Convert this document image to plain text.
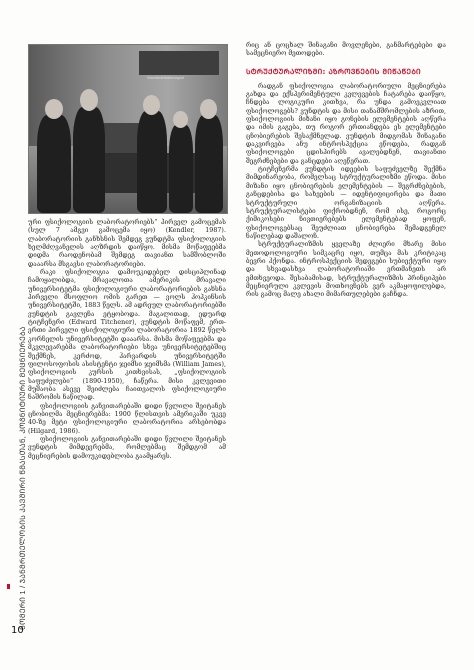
ᲜᲝᲛᲔᲠᲘ 1 / ᲯᲐᲜᲛᲠᲗᲔᲚᲝᲑᲘᲡ ᲙᲐᲕᲨᲘᲠᲘ ᲬᲛᲐᲡᲗᲐᲜ, ᲙᲝᲒᲜᲘᲢᲘᲣᲠᲘ ᲛᲔᲪᲜᲘᲔᲠᲔᲑᲐ
10
Wandtafelkartenspiel

ური ფსიქოლოგიის ლაბორატორიებს“ პირველ გამოცემას (სულ 7 ამგვი გამოცემა იყო) (Kendler, 1987). ლაბორატორიის განხსნის შემდეგ ვუნდტმა ფსიქოლოგიის ხელმძღვანელის აღზრდის დაიწყო. მისმა მოწაფეებმა დიდმა რაოდენობამ შემდეგ თავიანთ სამშობლოში დააარსა მსგავსი ლაბორატორიები.

რაკი ფსიქოლოგია დამოუკიდებელ დისციპლინად ჩამოყალიბდა, მრავალოთა ამერიკის მრავალი უნივერსიტეტმა ფსიქოლოგიური ლაბორატორიების გახსნა პირველი მსოფლიო ომის გარეთ — ვოლს ჰოპკინსის უნივერსიტეტში, 1883 წელს. ამ ადრეულ ლაბორატორიებში ვუნდტის გავლენა ეტყობოდა. მაგალითად, ედუარდ ტიტჩენერი (Edward Titchener), ვუნდტის მოწაფემ, ერთ-ერთი პირველი ფსიქოლოგიური ლაბორატორია 1892 წელს კორნელის უნივერსიტეტში დააარსა. მისმა მოწაფეებმა და მკვლევარებმა ლაბორატორიები სხვა უნივერსიტეტებშიც შექმნეს, კერძოდ, ჰარვარდის უნივერსიტეტში ფილოსოფოსის ასისტენტი ჯეიმსი ჯეიმსმა (William James), ფსიქოლოგიის კურსის კითხვისას, „ფსიქოლოგიის საფუძვლები“ (1890-1950), ჩაწერა. მისი კვლევითი მუშაობა ასევე შეიძლება ჩაითვალოს ფსიქოლოგიური ნაშრომის ნაწილად.

ფსიქოლოგიის განვითარებაში დიდი წვლილი შეიტანეს ცნობილმა მეცნიერებმა: 1900 წლისთვის ამერიკაში უკვე 40-ზე მეტი ფსიქოლოგიური ლაბორატორია არსებობდა (Hilgard, 1986).

ფსიქოლოგიის განვითარებაში დიდი წვლილი შეიტანეს ვუნდტის მიმდევრებმა, რომლებმაც შემდგომ ამ მეცნიერების დამოუკიდებლობა გაამყარეს.

რიც ან ცოცხალ შინაგანი მოვლენები, განმარტებები და სამეცნიერო მეთოდები.

ᲡᲢᲠᲣᲥᲢᲣᲠᲐᲚᲘᲖᲛᲘ: ᲐᲖᲠᲝᲕᲜᲔᲑᲘᲡ ᲛᲘᲬᲐᲬᲔᲑᲘ

რადგან ფსიქოლოგია ლაბორატორიული მეცნიერება გახდა და ექსპერიმენტული კვლევების ჩატარება დაიწყო, ჩნდება ლოგიკური კითხვა, რა უნდა გამოეკვლიათ ფსიქოლოგებს? ვუნდტის და მისი თანამშრომლების აზრით, ფსიქოლოგიის მიზანი იყო გონების ელემენტების აღწერა და იმის გაგება, თუ როგორ ერთიანდება ეს ელემენტები ცნობიერების შესაქმნელად. ვუნდტის მიდგომას შინაგანი დაკვირვება ანუ ინტროსპექცია ეწოდება, რადგან ფსიქოლოგები ცდისპირებს ავალებდნენ, თავიანთი შეგრძნებები და განცდები აღეწერათ.

ტიტჩენერმა ვუნდტის იდეების საფუძველზე შექმნა მიმდინარეობა, რომელსაც სტრუქტურალიზმი ეწოდა. მისი მიზანი იყო ცნობიერების ელემენტების — შეგრძნებების, განცდებისა და სახეების — იდენტიფიცირება და მათი სტრუქტურული ორგანიზაციის აღწერა. სტრუქტურალისტები ფიქრობდნენ, რომ ისე, როგორც ქიმიკოსები ნივთიერებებს ელემენტებად ყოფენ, ფსიქოლოგებსაც შეუძლიათ ცნობიერება შემადგენელ ნაწილებად დაშალონ.

სტრუქტურალიზმის ყველაზე ძლიერი მხარე მისი მეთოდოლოგიური სიმკაცრე იყო, თუმცა მას კრიტიკაც ბევრი ჰქონდა. ინტროსპექციის შედეგები სუბიექტური იყო და სხვადასხვა ლაბორატორიაში ერთმანეთს არ ემთხვეოდა. შესაბამისად, სტრუქტურალიზმის პრინციპები მეცნიერული კვლევის მოთხოვნებს ვერ აკმაყოფილებდა, რის გამოც მალე ახალი მიმართულებები გაჩნდა.
